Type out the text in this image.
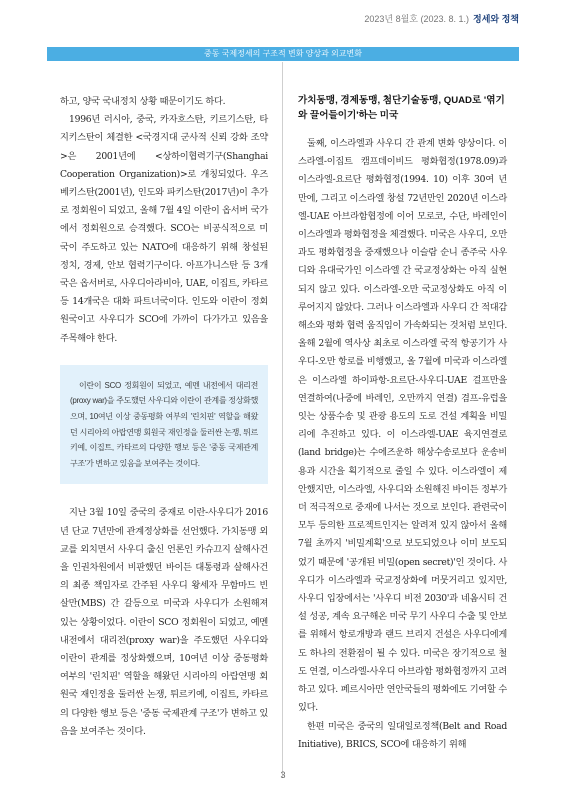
2023년 8월호 (2023. 8. 1.) 정세와 정책
중동 국제정세의 구조적 변화 양상과 외교변화

하고, 양국 국내정치 상황 때문이기도 하다.

1996년 러시아, 중국, 카자흐스탄, 키르기스탄, 타지키스탄이 체결한 <국경지대 군사적 신뢰 강화 조약>은 2001년에 <상하이협력기구(Shanghai Cooperation Organization)>로 개칭되었다. 우즈베키스탄(2001년), 인도와 파키스탄(2017년)이 추가로 정회원이 되었고, 올해 7월 4일 이란이 옵서버 국가에서 정회원으로 승격했다. SCO는 비공식적으로 미국이 주도하고 있는 NATO에 대응하기 위해 창설된 정치, 경제, 안보 협력기구이다. 아프가니스탄 등 3개국은 옵서버로, 사우디아라비아, UAE, 이집트, 카타르 등 14개국은 대화 파트너국이다. 인도와 이란이 정회원국이고 사우디가 SCO에 가까이 다가가고 있음을 주목해야 한다.

이란이 SCO 정회원이 되었고, 예멘 내전에서 대리전(proxy war)을 주도했던 사우디와 이란이 관계를 정상화했으며, 10여년 이상 중동평화 여부의 '린치핀' 역할을 해왔던 시리아의 아랍연맹 회원국 재인정을 둘러싼 논쟁, 튀르키예, 이집트, 카타르의 다양한 행보 등은 '중동 국제관계 구조'가 변하고 있음을 보여주는 것이다.

지난 3월 10일 중국의 중재로 이란-사우디가 2016년 단교 7년만에 관계정상화를 선언했다. 가치동맹 외교를 외치면서 사우디 출신 언론인 카슈끄지 살해사건을 인권차원에서 비판했던 바이든 대통령과 살해사건의 최종 책임자로 간주된 사우디 왕세자 무함마드 빈 살만(MBS) 간 갈등으로 미국과 사우디가 소원해져 있는 상황이었다. 이란이 SCO 정회원이 되었고, 예멘 내전에서 대리전(proxy war)을 주도했던 사우디와 이란이 관계를 정상화했으며, 10여년 이상 중동평화 여부의 '린치핀' 역할을 해왔던 시리아의 아랍연맹 회원국 재인정을 둘러싼 논쟁, 튀르키예, 이집트, 카타르의 다양한 행보 등은 '중동 국제관계 구조'가 변하고 있음을 보여주는 것이다.

가치동맹, 경제동맹, 첨단기술동맹, QUAD로 '엮기와 끌어들이기'하는 미국

둘째, 이스라엘과 사우디 간 관계 변화 양상이다. 이스라엘-이집트 캠프데이비드 평화협정(1978.09)과 이스라엘-요르단 평화협정(1994. 10) 이후 30여 년 만에, 그리고 이스라엘 창설 72년만인 2020년 이스라엘-UAE 아브라함협정에 이어 모로코, 수단, 바레인이 이스라엘과 평화협정을 체결했다. 미국은 사우디, 오만과도 평화협정을 중재했으나 이슬람 순니 종주국 사우디와 유대국가인 이스라엘 간 국교정상화는 아직 실현되지 않고 있다. 이스라엘-오만 국교정상화도 아직 이루어지지 않았다. 그러나 이스라엘과 사우디 간 적대감 해소와 평화 협력 움직임이 가속화되는 것처럼 보인다. 올해 2월에 역사상 최초로 이스라엘 국적 항공기가 사우디-오만 항로를 비행했고, 올 7월에 미국과 이스라엘은 이스라엘 하이파항-요르단-사우디-UAE 걸프만을 연결하여(나중에 바레인, 오만까지 연결) 겸프-유럽을 잇는 상품수송 및 관광 용도의 도로 건설 계획을 비밀리에 추진하고 있다. 이 이스라엘-UAE 육지연결로(land bridge)는 수에즈운하 해상수송로보다 운송비용과 시간을 획기적으로 줄일 수 있다. 이스라엘이 제안했지만, 이스라엘, 사우디와 소원해진 바이든 정부가 더 적극적으로 중재에 나서는 것으로 보인다. 관련국이 모두 등의한 프로젝트인지는 알려져 있지 않아서 올해 7월 초까지 '비밀계획'으로 보도되었으나 이미 보도되었기 때문에 '공개된 비밀(open secret)'인 것이다. 사우디가 이스라엘과 국교정상화에 머뭇거리고 있지만, 사우디 입장에서는 '사우디 비전 2030'과 네옴시티 건설 성공, 계속 요구해온 미국 무기 사우디 수출 및 안보를 위해서 항로개방과 랜드 브리지 건설은 사우디에게도 하나의 전환점이 될 수 있다. 미국은 장기적으로 철도 연결, 이스라엘-사우디 아브라함 평화협정까지 고려하고 있다. 페르시아만 연안국들의 평화에도 기여할 수 있다.

한편 미국은 중국의 일대일로정책(Belt and Road Initiative), BRICS, SCO에 대응하기 위해

3
